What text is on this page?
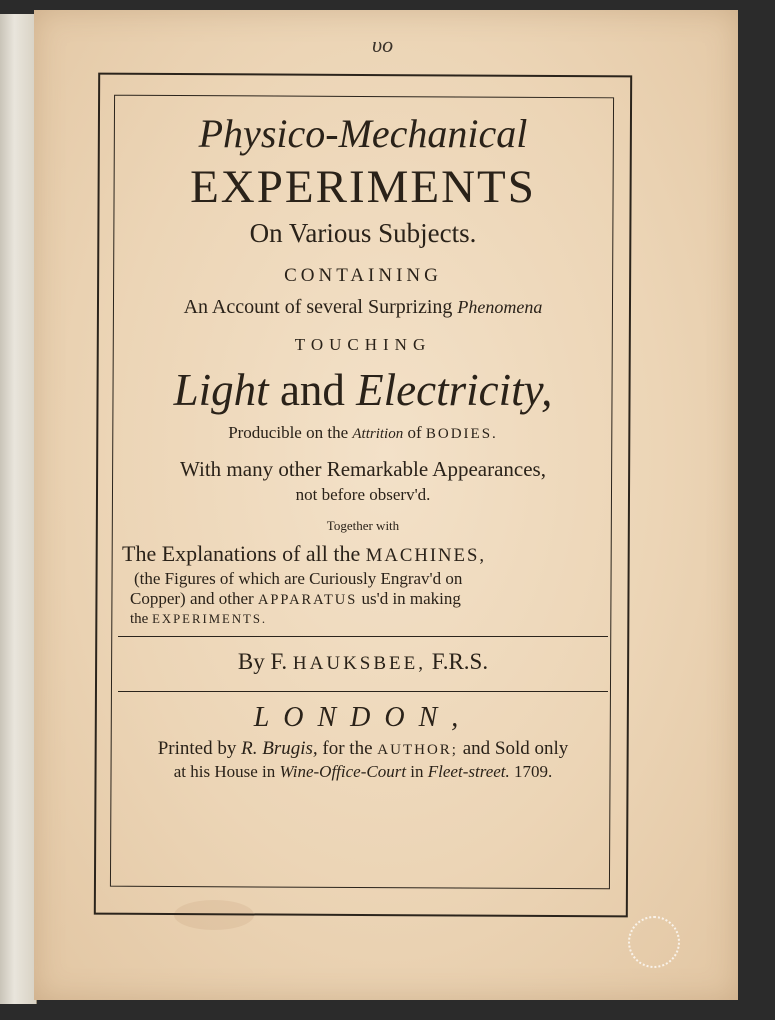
υο
Physico-Mechanical
EXPERIMENTS
On Various Subjects.
CONTAINING
An Account of several Surprizing Phenomena
TOUCHING
Light and Electricity,
Producible on the Attrition of BODIES.
With many other Remarkable Appearances,
not before observ'd.
Together with
The Explanations of all the MACHINES,
(the Figures of which are Curiously Engrav'd on
Copper) and other APPARATUS us'd in making
the EXPERIMENTS.
By F. HAUKSBEE, F.R.S.
LONDON,
Printed by R. Brugis, for the AUTHOR; and Sold only
at his House in Wine-Office-Court in Fleet-street. 1709.
